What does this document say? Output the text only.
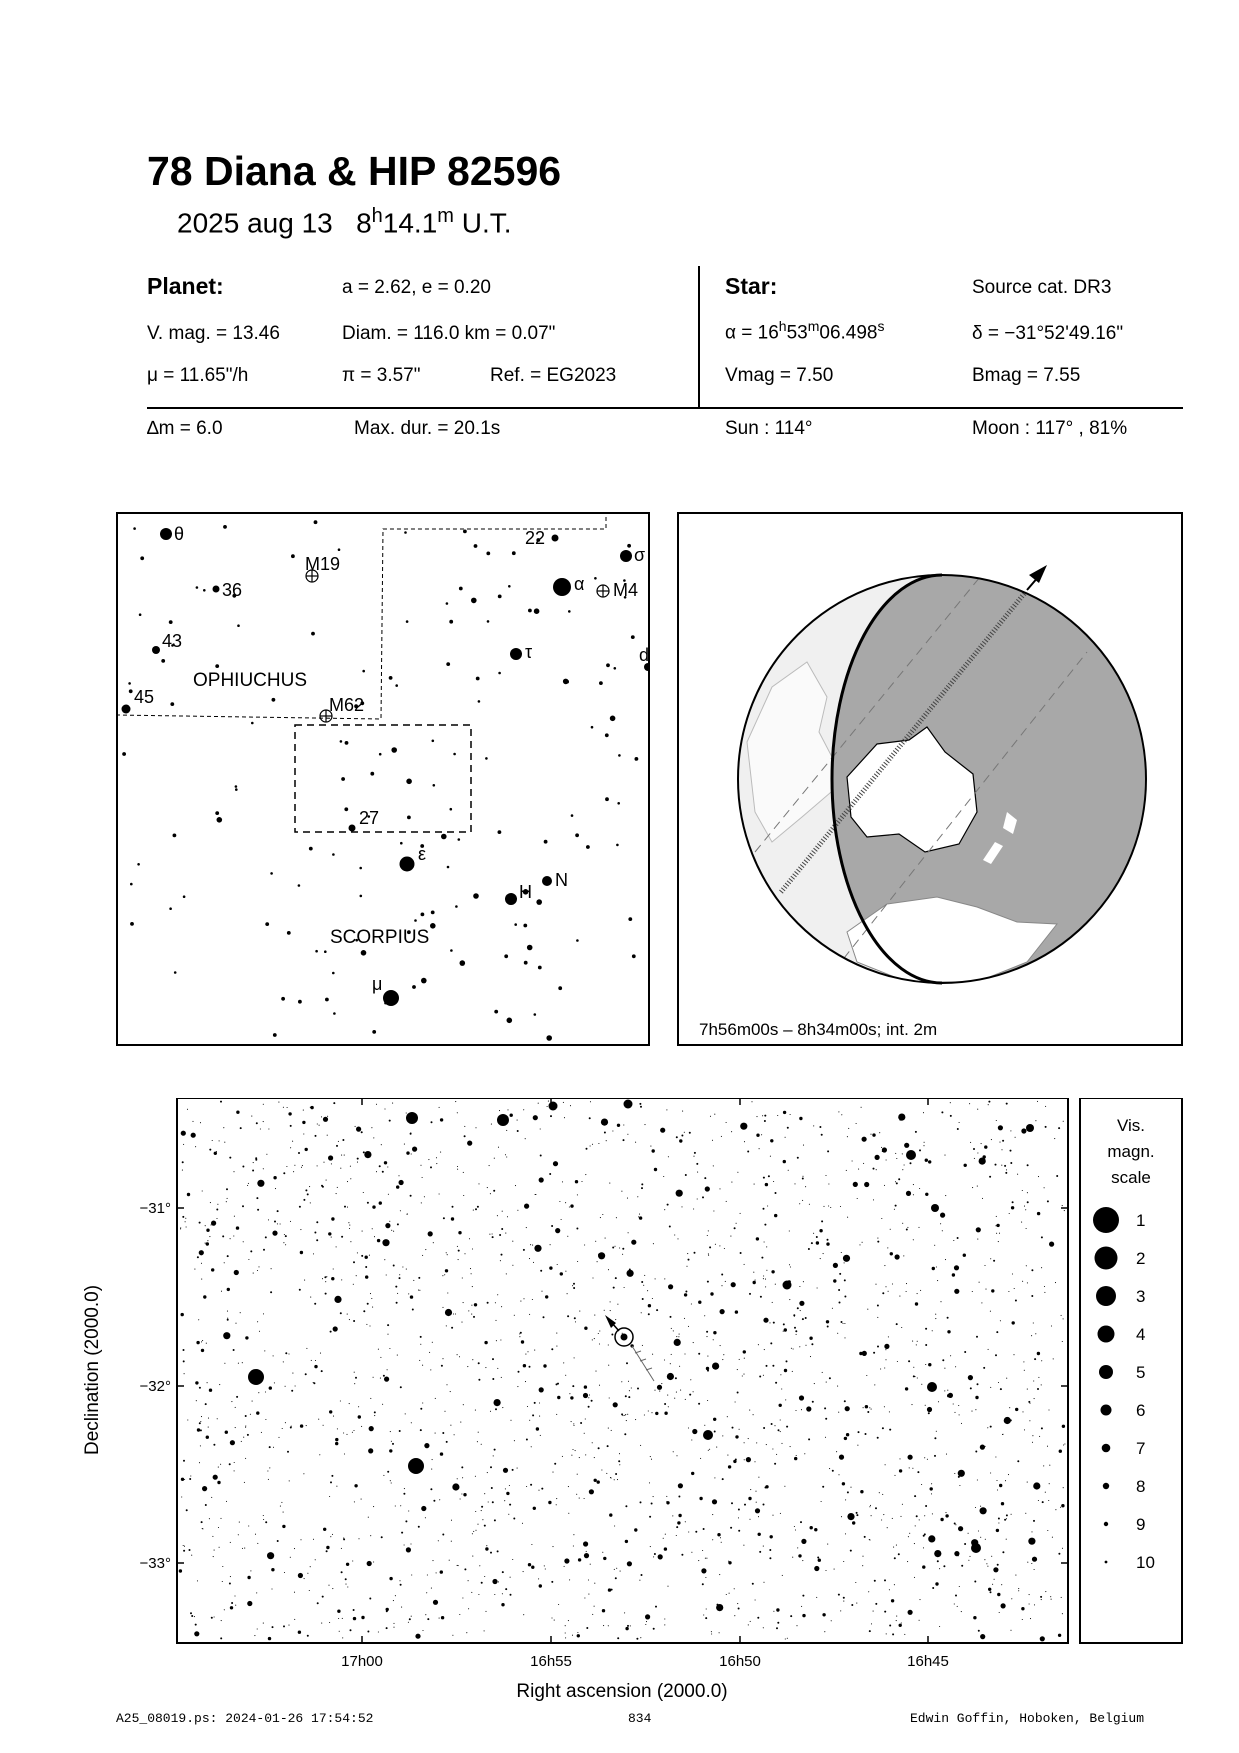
78 Diana & HIP 82596
2025 aug 13 8$^h$14.1$^m$ U.T.
Planet:	a = 2.62, e = 0.20
V. mag. = 13.46	Diam. = 116.0 km = 0.07"
μ = 11.65"/h	π = 3.57"	Ref. = EG2023
Star:	Source cat. DR3
$\alpha = 16^h53^m06.498^s$	δ = −31°52'49.16"
Vmag = 7.50	Bmag = 7.55
∆m = 6.0	Max. dur. = 20.1s	Sun : 114°	Moon : 117° , 81%
OPHIUCHUS
SCORPIUS
θ
36
M19
22
σ
α M4
43
τ	d
45	M62
27
ε
H
N
μ
7h56m00s – 8h34m00s; int. 2m
−31°
−32°
−33°
17h00	16h55	16h50	16h45
Right ascension (2000.0)
Declination (2000.0)
Vis.
magn.
scale
1
2
3
4
5
6
7
8
9
10
A25_08019.ps: 2024-01-26 17:54:52	834	Edwin Goffin, Hoboken, Belgium
